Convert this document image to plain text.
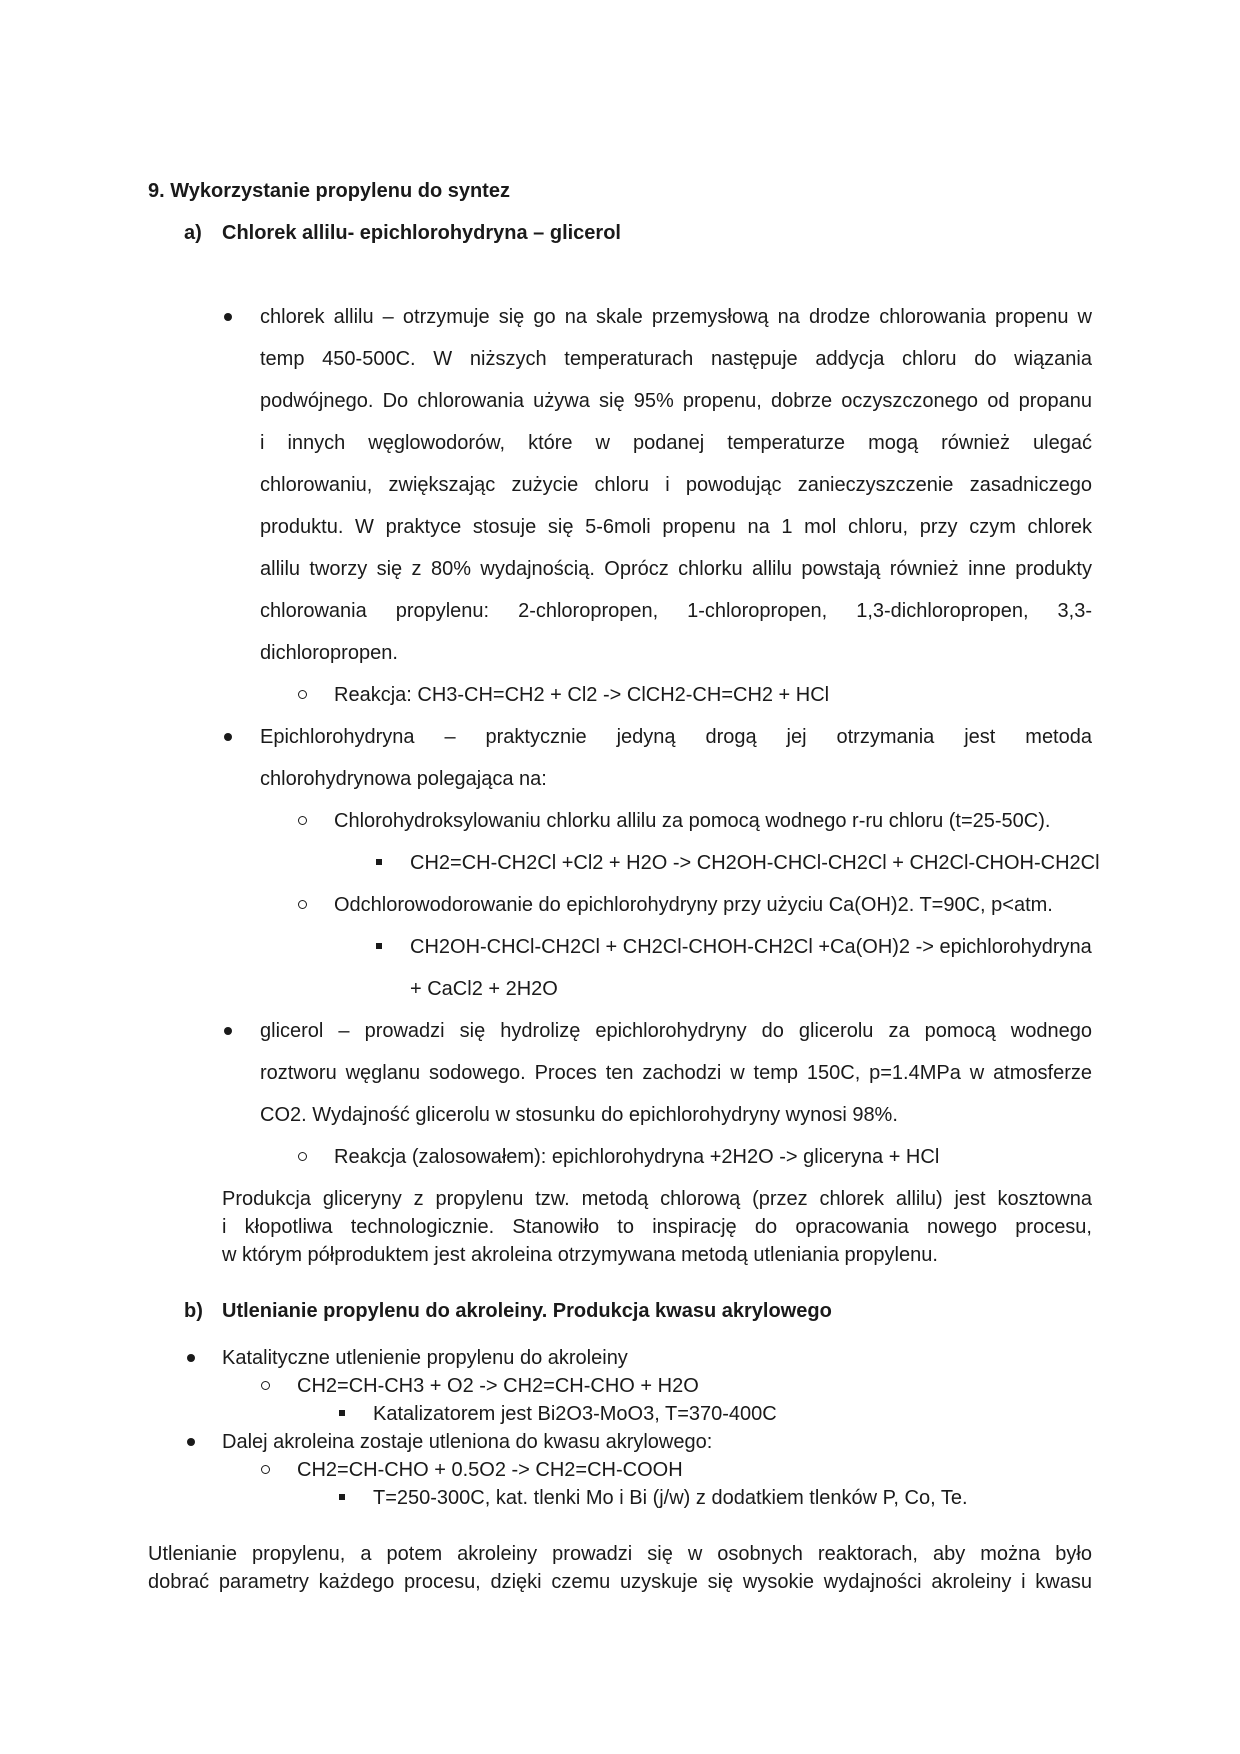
9. Wykorzystanie propylenu do syntez

a) Chlorek allilu- epichlorohydryna – glicerol

chlorek allilu – otrzymuje się go na skale przemysłową na drodze chlorowania propenu w

temp 450-500C. W niższych temperaturach następuje addycja chloru do wiązania

podwójnego. Do chlorowania używa się 95% propenu, dobrze oczyszczonego od propanu

i innych węglowodorów, które w podanej temperaturze mogą również ulegać

chlorowaniu, zwiększając zużycie chloru i powodując zanieczyszczenie zasadniczego

produktu. W praktyce stosuje się 5-6moli propenu na 1 mol chloru, przy czym chlorek

allilu tworzy się z 80% wydajnością. Oprócz chlorku allilu powstają również inne produkty

chlorowania propylenu: 2-chloropropen, 1-chloropropen, 1,3-dichloropropen, 3,3-

dichloropropen.

Reakcja: CH3-CH=CH2 + Cl2 -> ClCH2-CH=CH2 + HCl

Epichlorohydryna – praktycznie jedyną drogą jej otrzymania jest metoda

chlorohydrynowa polegająca na:

Chlorohydroksylowaniu chlorku allilu za pomocą wodnego r-ru chloru (t=25-50C).

CH2=CH-CH2Cl +Cl2 + H2O -> CH2OH-CHCl-CH2Cl + CH2Cl-CHOH-CH2Cl

Odchlorowodorowanie do epichlorohydryny przy użyciu Ca(OH)2. T=90C, p<atm.

CH2OH-CHCl-CH2Cl + CH2Cl-CHOH-CH2Cl +Ca(OH)2 -> epichlorohydryna

+ CaCl2 + 2H2O

glicerol – prowadzi się hydrolizę epichlorohydryny do glicerolu za pomocą wodnego

roztworu węglanu sodowego. Proces ten zachodzi w temp 150C, p=1.4MPa w atmosferze

CO2. Wydajność glicerolu w stosunku do epichlorohydryny wynosi 98%.

Reakcja (zalosowałem): epichlorohydryna +2H2O -> gliceryna + HCl

Produkcja gliceryny z propylenu tzw. metodą chlorową (przez chlorek allilu) jest kosztowna

i kłopotliwa technologicznie. Stanowiło to inspirację do opracowania nowego procesu,

w którym półproduktem jest akroleina otrzymywana metodą utleniania propylenu.

b) Utlenianie propylenu do akroleiny. Produkcja kwasu akrylowego

Katalityczne utlenienie propylenu do akroleiny

CH2=CH-CH3 + O2 -> CH2=CH-CHO + H2O

Katalizatorem jest Bi2O3-MoO3, T=370-400C

Dalej akroleina zostaje utleniona do kwasu akrylowego:

CH2=CH-CHO + 0.5O2 -> CH2=CH-COOH

T=250-300C, kat. tlenki Mo i Bi (j/w) z dodatkiem tlenków P, Co, Te.

Utlenianie propylenu, a potem akroleiny prowadzi się w osobnych reaktorach, aby można było

dobrać parametry każdego procesu, dzięki czemu uzyskuje się wysokie wydajności akroleiny i kwasu
